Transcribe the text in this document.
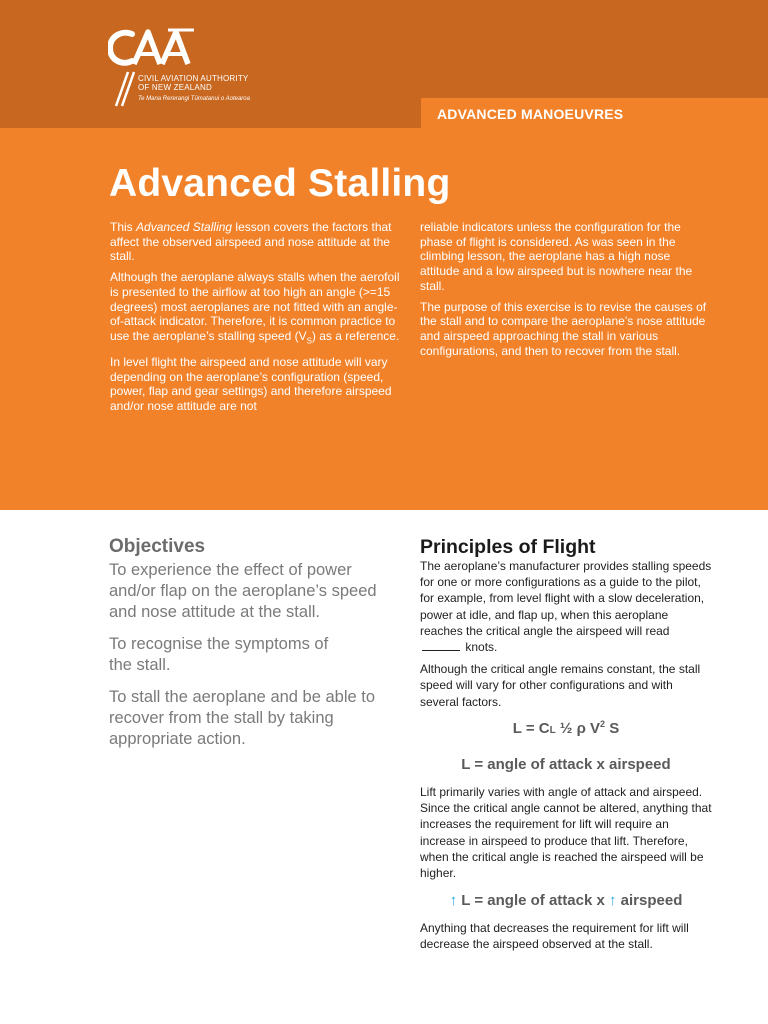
CIVIL AVIATION AUTHORITY
OF NEW ZEALAND
Te Mana Rererangi Tūmatanui o Aotearoa
ADVANCED MANOEUVRES
Advanced Stalling

This Advanced Stalling lesson covers the factors that affect the observed airspeed and nose attitude at the stall.

Although the aeroplane always stalls when the aerofoil is presented to the airflow at too high an angle (>=15 degrees) most aeroplanes are not fitted with an angle-of-attack indicator. Therefore, it is common practice to use the aeroplane’s stalling speed $(V_S)$ as a reference.

In level flight the airspeed and nose attitude will vary depending on the aeroplane’s configuration (speed, power, flap and gear settings) and therefore airspeed and/or nose attitude are not

reliable indicators unless the configuration for the phase of flight is considered. As was seen in the climbing lesson, the aeroplane has a high nose attitude and a low airspeed but is nowhere near the stall.

The purpose of this exercise is to revise the causes of the stall and to compare the aeroplane’s nose attitude and airspeed approaching the stall in various configurations, and then to recover from the stall.

Objectives

To experience the effect of power and/or flap on the aeroplane’s speed and nose attitude at the stall.

To recognise the symptoms of the stall.

To stall the aeroplane and be able to recover from the stall by taking appropriate action.

Principles of Flight

The aeroplane’s manufacturer provides stalling speeds for one or more configurations as a guide to the pilot, for example, from level flight with a slow deceleration, power at idle, and flap up, when this aeroplane reaches the critical angle the airspeed will read  knots.

Although the critical angle remains constant, the stall speed will vary for other configurations and with several factors.

L = CL ½ ρ $V^2$ S
L = angle of attack x airspeed

Lift primarily varies with angle of attack and airspeed. Since the critical angle cannot be altered, anything that increases the requirement for lift will require an increase in airspeed to produce that lift. Therefore, when the critical angle is reached the airspeed will be higher.

↑ L = angle of attack x ↑ airspeed

Anything that decreases the requirement for lift will decrease the airspeed observed at the stall.
